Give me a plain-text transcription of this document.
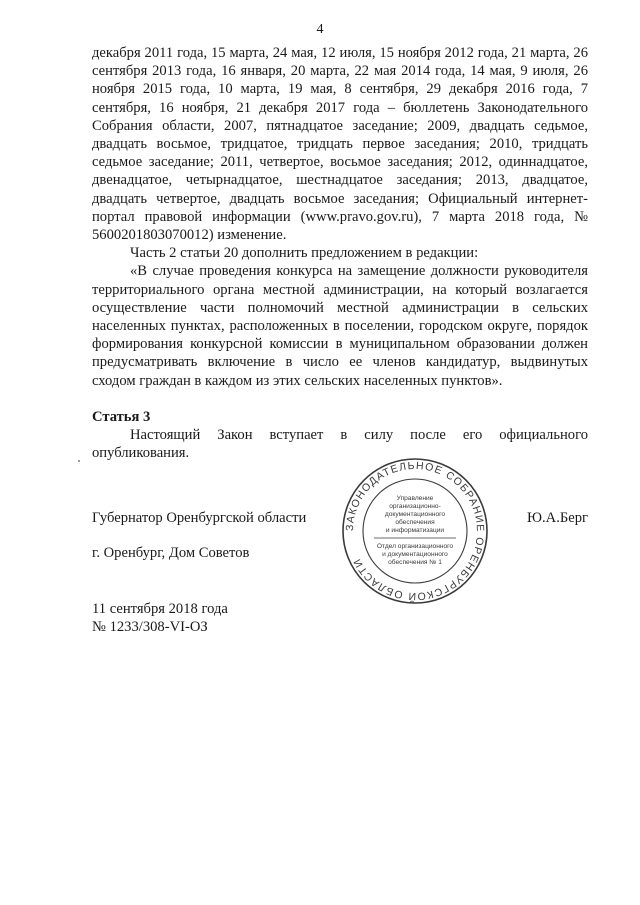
4

декабря 2011 года, 15 марта, 24 мая, 12 июля, 15 ноября 2012 года, 21 марта, 26 сентября 2013 года, 16 января, 20 марта, 22 мая 2014 года, 14 мая, 9 июля, 26 ноября 2015 года, 10 марта, 19 мая, 8 сентября, 29 декабря 2016 года, 7 сентября, 16 ноября, 21 декабря 2017 года – бюллетень Законодательного Собрания области, 2007, пятнадцатое заседание; 2009, двадцать седьмое, двадцать восьмое, тридцатое, тридцать первое заседания; 2010, тридцать седьмое заседание; 2011, четвертое, восьмое заседания; 2012, одиннадцатое, двенадцатое, четырнадцатое, шестнадцатое заседания; 2013, двадцатое, двадцать четвертое, двадцать восьмое заседания; Официальный интернет-портал правовой информации (www.pravo.gov.ru), 7 марта 2018 года, № 5600201803070012) изменение.

Часть 2 статьи 20 дополнить предложением в редакции:

«В случае проведения конкурса на замещение должности руководителя территориального органа местной администрации, на который возлагается осуществление части полномочий местной администрации в сельских населенных пунктах, расположенных в поселении, городском округе, порядок формирования конкурсной комиссии в муниципальном образовании должен предусматривать включение в число ее членов кандидатур, выдвинутых сходом граждан в каждом из этих сельских населенных пунктов».

Статья 3

Настоящий Закон вступает в силу после его официального опубликования.

Губернатор Оренбургской области	Ю.А.Берг
г. Оренбург, Дом Советов
11 сентября 2018 года
№ 1233/308-VI-ОЗ
ЗАКОНОДАТЕЛЬНОЕ СОБРАНИЕ ОРЕНБУРГСКОЙ ОБЛАСТИ
Управление
организационно-
документационного
обеспечения
и информатизации
Отдел организационного
и документационного
обеспечения № 1
